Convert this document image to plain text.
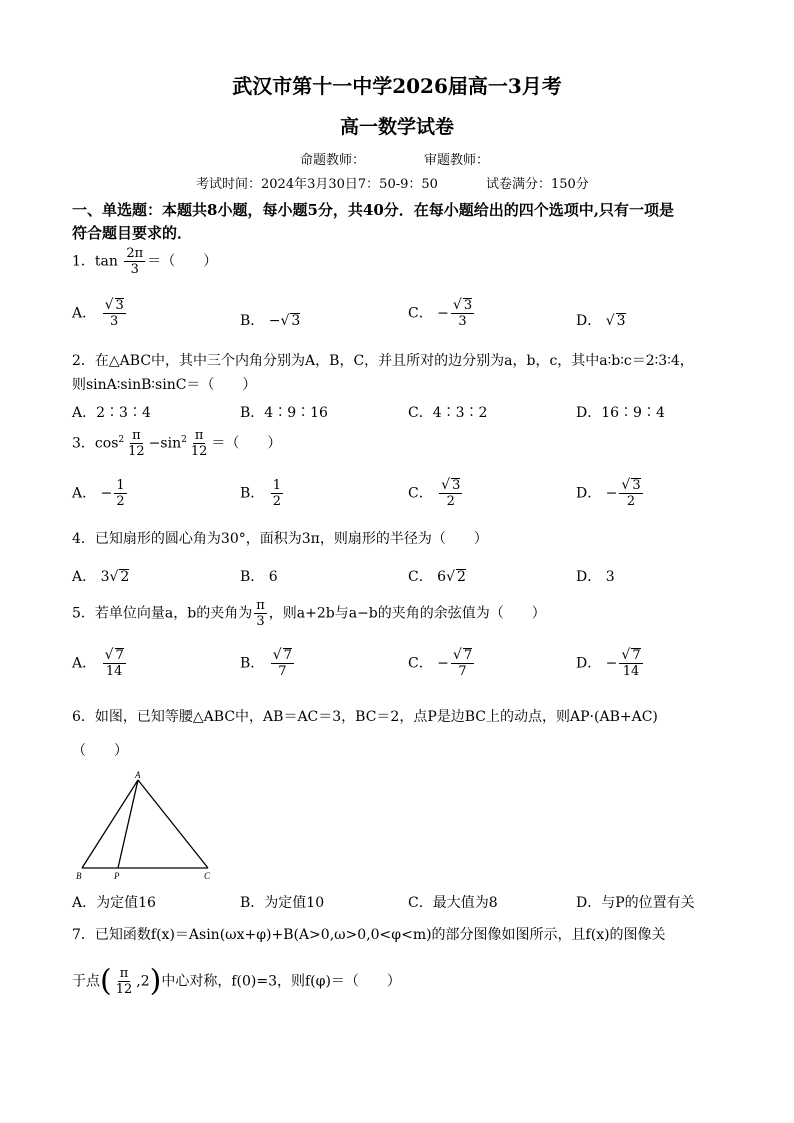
武汉市第十一中学2026届高一3月考
高一数学试卷
命题教师：	审题教师：
考试时间：2024年3月30日7：50-9：50	试卷满分：150分
一、单选题：本题共8小题，每小题5分，共40分．在每小题给出的四个选项中,只有一项是
符合题目要求的．
1．$\tan \frac{2\pi}{3}$ ＝（　　）
A． $\frac{√ 3}{3}$	B． −√ 3	C． − $\frac{√ 3}{3}$	D． √ 3
2．在△ABC中，其中三个内角分别为A，B，C，并且所对的边分别为a，b，c，其中a∶b∶c＝2∶3∶4，
则sinA∶sinB∶sinC＝（　　）
A．2∶3∶4	B．4∶9∶16	C．4∶3∶2	D．16∶9∶4
3．$\cos^2 \frac{\pi}{12} -\sin^2 \frac{\pi}{12}$ ＝（　　）
A． − $\frac{1}{2}$	B． $\frac{1}{2}$	C． $\frac{√ 3}{2}$	D． − $\frac{√ 3}{2}$
4．已知扇形的圆心角为30°，面积为3π，则扇形的半径为（　　）
A． 3√ 2	B． 6	C． 6√ 2	D． 3
5．若单位向量a，b的夹角为 $\frac{\pi}{3}$ ，则a+2b与a−b的夹角的余弦值为（　　）
A． $\frac{√ 7}{14}$	B． $\frac{√ 7}{7}$	C． − $\frac{√ 7}{7}$	D． − $\frac{√ 7}{14}$
6．如图，已知等腰△ABC中，AB＝AC＝3，BC＝2，点P是边BC上的动点，则AP·(AB+AC)
（　　）
A
B	P	C
A．为定值16	B．为定值10	C．最大值为8	D．与P的位置有关
7．已知函数f(x)＝Asin(ωx+φ)+B(A>0,ω>0,0<φ<m)的部分图像如图所示，且f(x)的图像关
于点( $\frac{\pi}{12} ,2$)中心对称，f(0)=3，则f(φ)＝（　　）
